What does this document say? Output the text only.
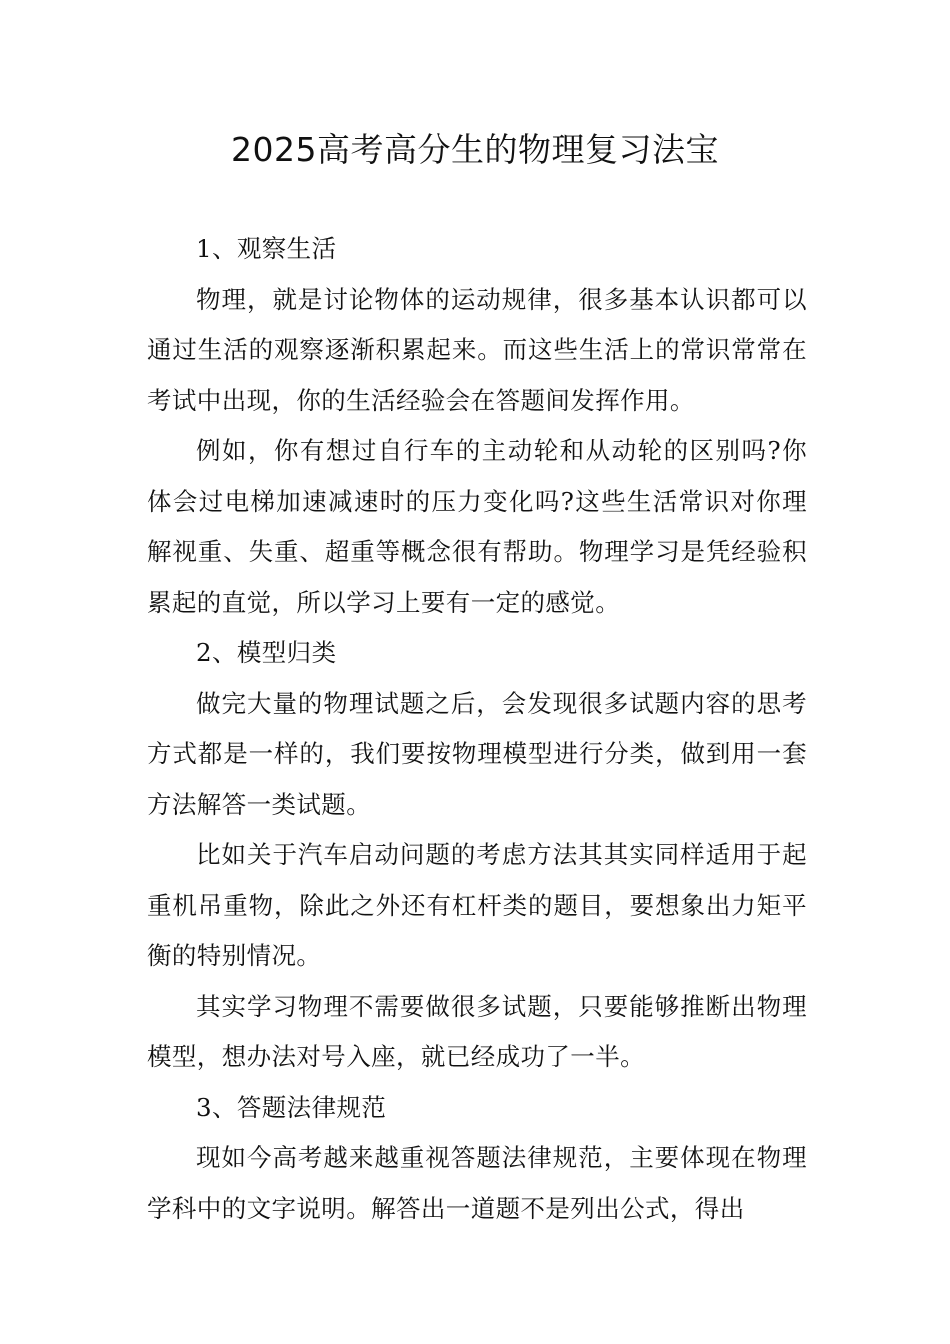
2025高考高分生的物理复习法宝

1、观察生活

物理，就是讨论物体的运动规律，很多基本认识都可以通过生活的观察逐渐积累起来。而这些生活上的常识常常在考试中出现，你的生活经验会在答题间发挥作用。

例如，你有想过自行车的主动轮和从动轮的区别吗?你体会过电梯加速减速时的压力变化吗?这些生活常识对你理解视重、失重、超重等概念很有帮助。物理学习是凭经验积累起的直觉，所以学习上要有一定的感觉。

2、模型归类

做完大量的物理试题之后，会发现很多试题内容的思考方式都是一样的，我们要按物理模型进行分类，做到用一套方法解答一类试题。

比如关于汽车启动问题的考虑方法其其实同样适用于起重机吊重物，除此之外还有杠杆类的题目，要想象出力矩平衡的特别情况。

其实学习物理不需要做很多试题，只要能够推断出物理模型，想办法对号入座，就已经成功了一半。

3、答题法律规范

现如今高考越来越重视答题法律规范，主要体现在物理学科中的文字说明。解答出一道题不是列出公式，得出
